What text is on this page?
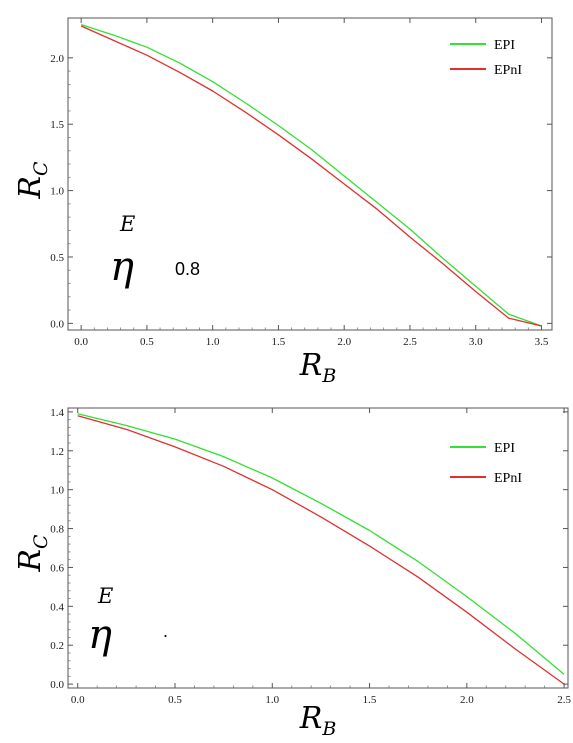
0.0	0.5	1.0	1.5	2.0	2.5	3.0	3.5
0.0
0.5
1.0
1.5
2.0
EPI
EPnI
$R_B$
$R_C$
E
η 0.8
0.0	0.5	1.0	1.5	2.0	2.5
0.0
0.2
0.4
0.6
0.8
1.0
1.2
1.4
EPI
EPnI
$R_B$
$R_C$
E
η	.
